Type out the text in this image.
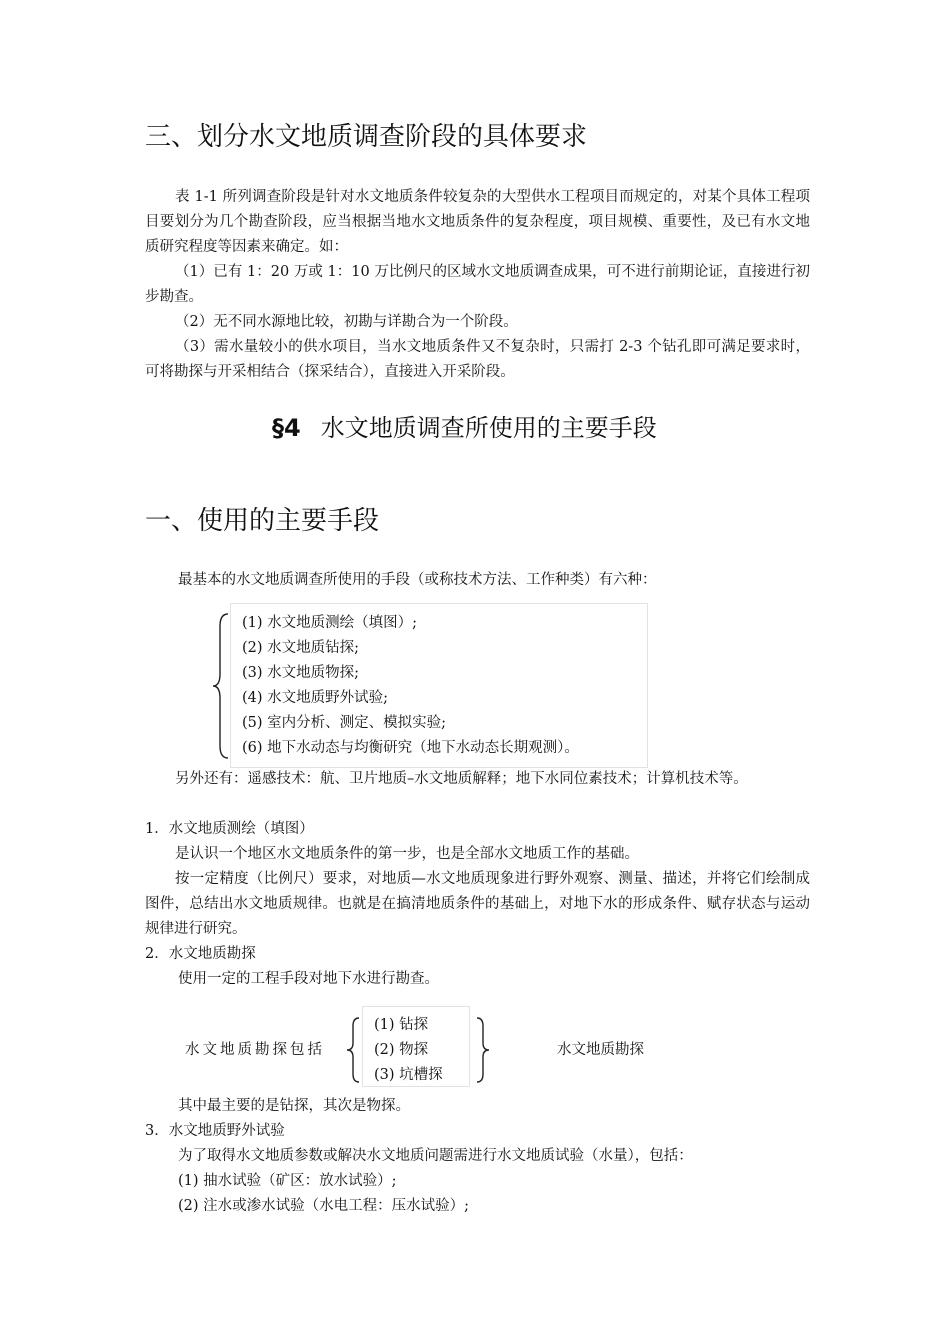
三、划分水文地质调查阶段的具体要求
表 1-1 所列调查阶段是针对水文地质条件较复杂的大型供水工程项目而规定的，对某个具体工程项目要划分为几个勘查阶段，应当根据当地水文地质条件的复杂程度，项目规模、重要性，及已有水文地质研究程度等因素来确定。如：
（1）已有 1：20 万或 1：10 万比例尺的区域水文地质调查成果，可不进行前期论证，直接进行初步勘查。
（2）无不同水源地比较，初勘与详勘合为一个阶段。
（3）需水量较小的供水项目，当水文地质条件又不复杂时，只需打 2-3 个钻孔即可满足要求时，可将勘探与开采相结合（探采结合），直接进入开采阶段。
§4 水文地质调查所使用的主要手段
一、使用的主要手段
最基本的水文地质调查所使用的手段（或称技术方法、工作种类）有六种：
(1) 水文地质测绘（填图）;
(2) 水文地质钻探;
(3) 水文地质物探;
(4) 水文地质野外试验;
(5) 室内分析、测定、模拟实验;
(6) 地下水动态与均衡研究（地下水动态长期观测）。
另外还有：遥感技术：航、卫片地质–水文地质解释；地下水同位素技术；计算机技术等。
1．水文地质测绘（填图）
是认识一个地区水文地质条件的第一步，也是全部水文地质工作的基础。
按一定精度（比例尺）要求，对地质—水文地质现象进行野外观察、测量、描述，并将它们绘制成图件，总结出水文地质规律。也就是在搞清地质条件的基础上，对地下水的形成条件、赋存状态与运动规律进行研究。
2．水文地质勘探
使用一定的工程手段对地下水进行勘查。
水文地质勘探包括
(1) 钻探
(2) 物探
(3) 坑槽探
水文地质勘探
其中最主要的是钻探，其次是物探。
3．水文地质野外试验
为了取得水文地质参数或解决水文地质问题需进行水文地质试验（水量），包括：
(1) 抽水试验（矿区：放水试验）;
(2) 注水或渗水试验（水电工程：压水试验）;
